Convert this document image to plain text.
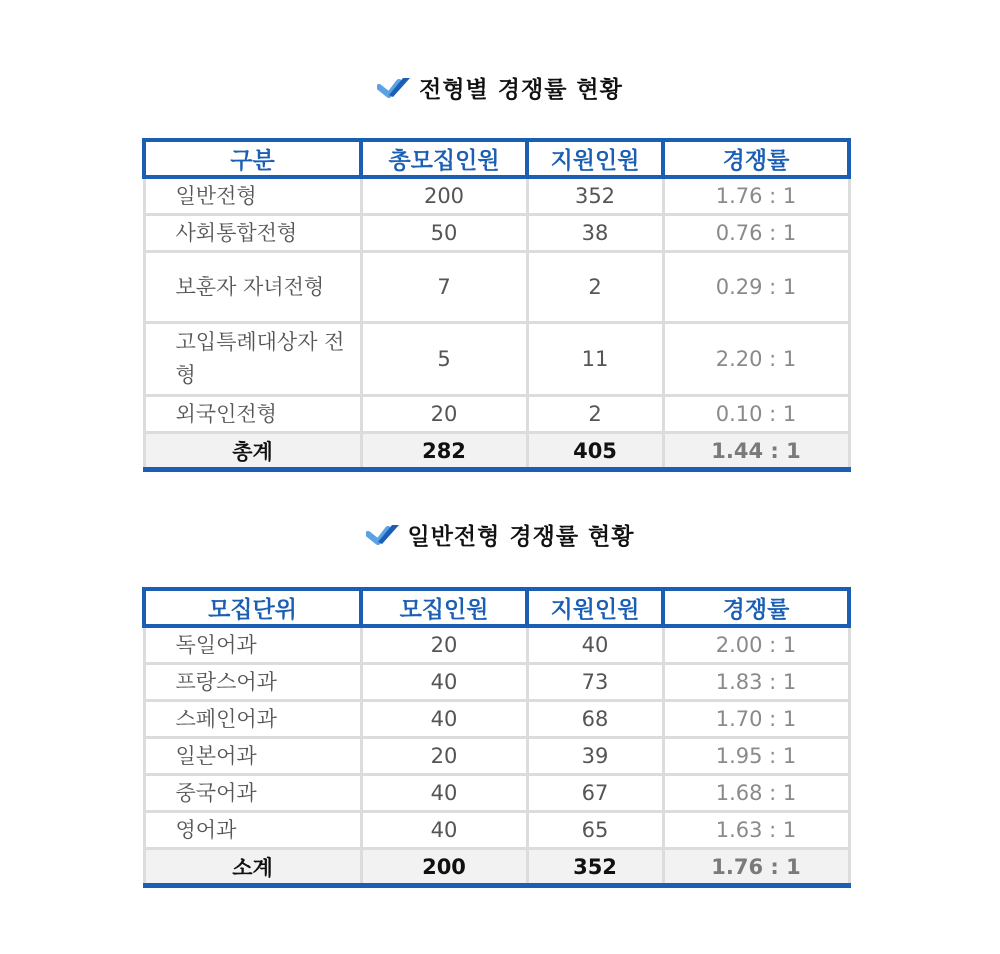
전형별 경쟁률 현황
구분	총모집인원	지원인원	경쟁률
일반전형	200	352	1.76 : 1
사회통합전형	50	38	0.76 : 1
보훈자 자녀전형	7	2	0.29 : 1
고입특례대상자 전형	5	11	2.20 : 1
외국인전형	20	2	0.10 : 1
총계	282	405	1.44 : 1
일반전형 경쟁률 현황
모집단위	모집인원	지원인원	경쟁률
독일어과	20	40	2.00 : 1
프랑스어과	40	73	1.83 : 1
스페인어과	40	68	1.70 : 1
일본어과	20	39	1.95 : 1
중국어과	40	67	1.68 : 1
영어과	40	65	1.63 : 1
소계	200	352	1.76 : 1
